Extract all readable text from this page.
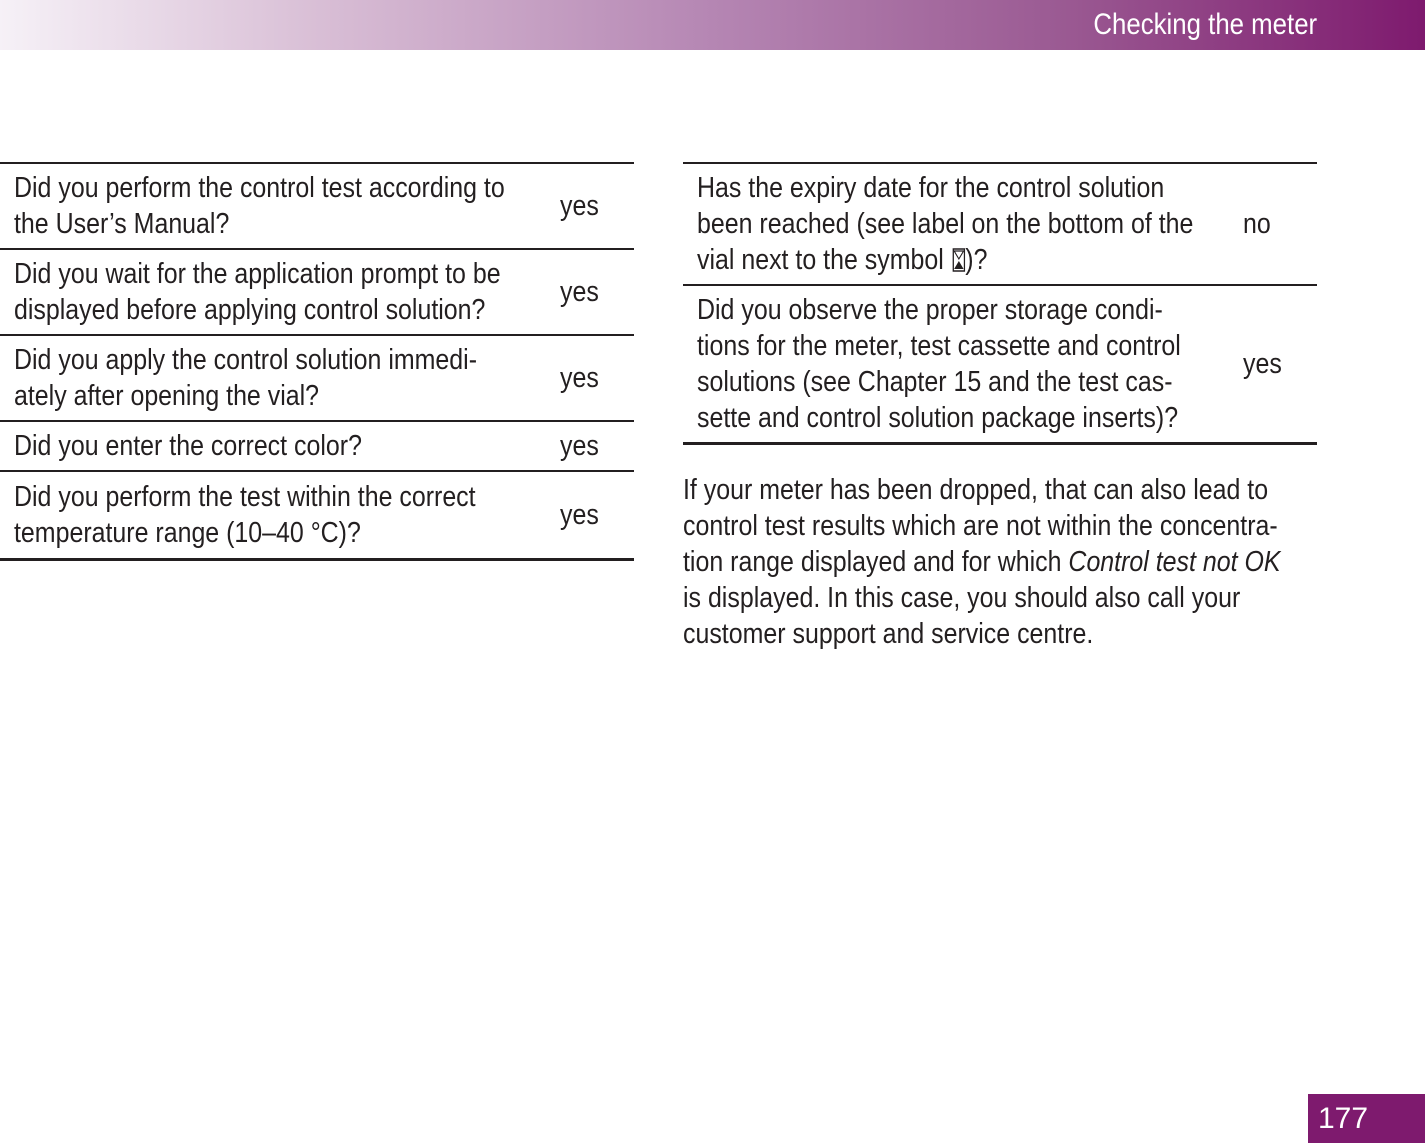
Checking the meter
Did you perform the control test according to
the User’s Manual?
yes
Did you wait for the application prompt to be
displayed before applying control solution?
yes
Did you apply the control solution immedi-
ately after opening the vial?
yes
Did you enter the correct color?	yes
Did you perform the test within the correct
temperature range (10–40 °C)?
yes
Has the expiry date for the control solution
been reached (see label on the bottom of the
vial next to the symbol )?
no
Did you observe the proper storage condi-
tions for the meter, test cassette and control
solutions (see Chapter 15 and the test cas-
sette and control solution package inserts)?
yes
If your meter has been dropped, that can also lead to
control test results which are not within the concentra-
tion range displayed and for which Control test not OK
is displayed. In this case, you should also call your
customer support and service centre.
177
